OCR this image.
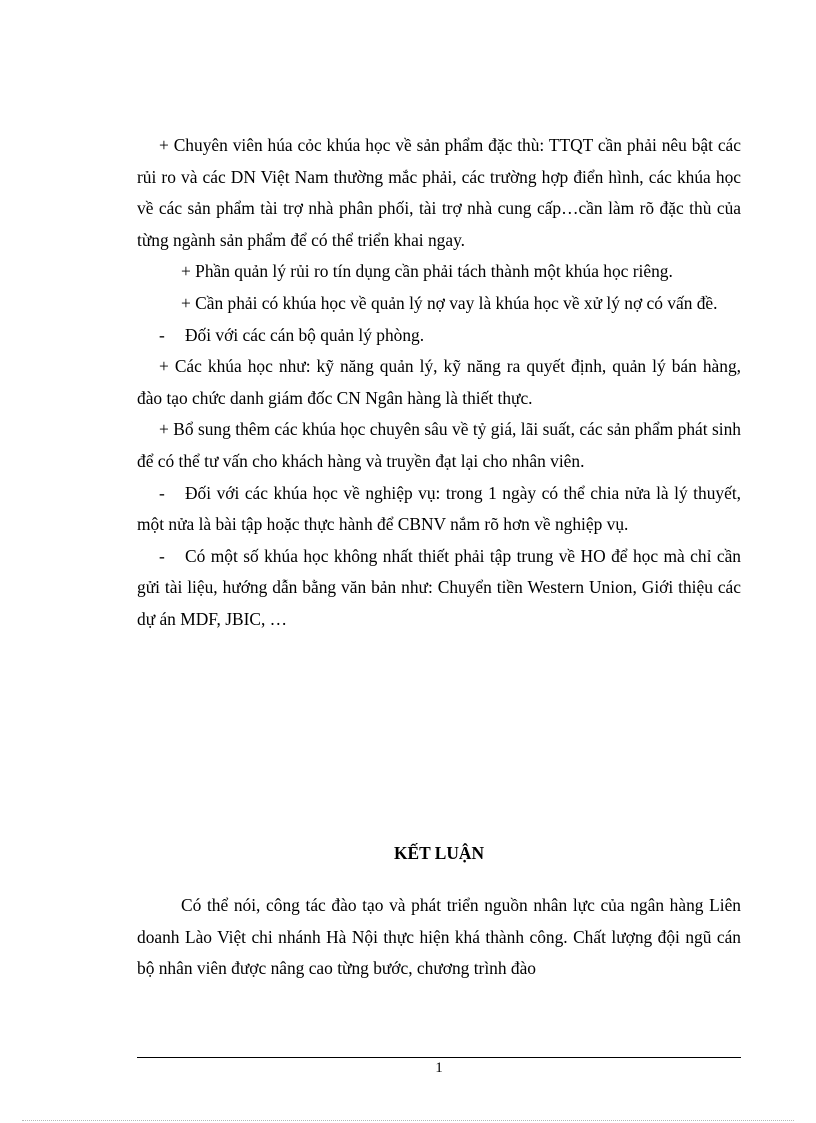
+ Chuyên viên húa cỏc khúa học về sản phẩm đặc thù: TTQT cần phải nêu bật các rủi ro và các DN Việt Nam thường mắc phải, các trường hợp điển hình, các khúa học về các sản phẩm tài trợ nhà phân phối, tài trợ nhà cung cấp…cần làm rõ đặc thù của từng ngành sản phẩm để có thể triển khai ngay.

+ Phần quản lý rủi ro tín dụng cần phải tách thành một khúa học riêng.

+ Cần phải có khúa học về quản lý nợ vay là khúa học về xử lý nợ có vấn đề.

- Đối với các cán bộ quản lý phòng.

+ Các khúa học như: kỹ năng quản lý, kỹ năng ra quyết định, quản lý bán hàng, đào tạo chức danh giám đốc CN Ngân hàng là thiết thực.

+ Bổ sung thêm các khúa học chuyên sâu về tỷ giá, lãi suất, các sản phẩm phát sinh để có thể tư vấn cho khách hàng và truyền đạt lại cho nhân viên.

- Đối với các khúa học về nghiệp vụ: trong 1 ngày có thể chia nửa là lý thuyết, một nửa là bài tập hoặc thực hành để CBNV nắm rõ hơn về nghiệp vụ.

- Có một số khúa học không nhất thiết phải tập trung về HO để học mà chỉ cần gửi tài liệu, hướng dẫn bằng văn bản như: Chuyển tiền Western Union, Giới thiệu các dự án MDF, JBIC, …

KẾT LUẬN

Có thể nói, công tác đào tạo và phát triển nguồn nhân lực của ngân hàng Liên doanh Lào Việt chi nhánh Hà Nội thực hiện khá thành công. Chất lượng đội ngũ cán bộ nhân viên được nâng cao từng bước, chương trình đào

1
